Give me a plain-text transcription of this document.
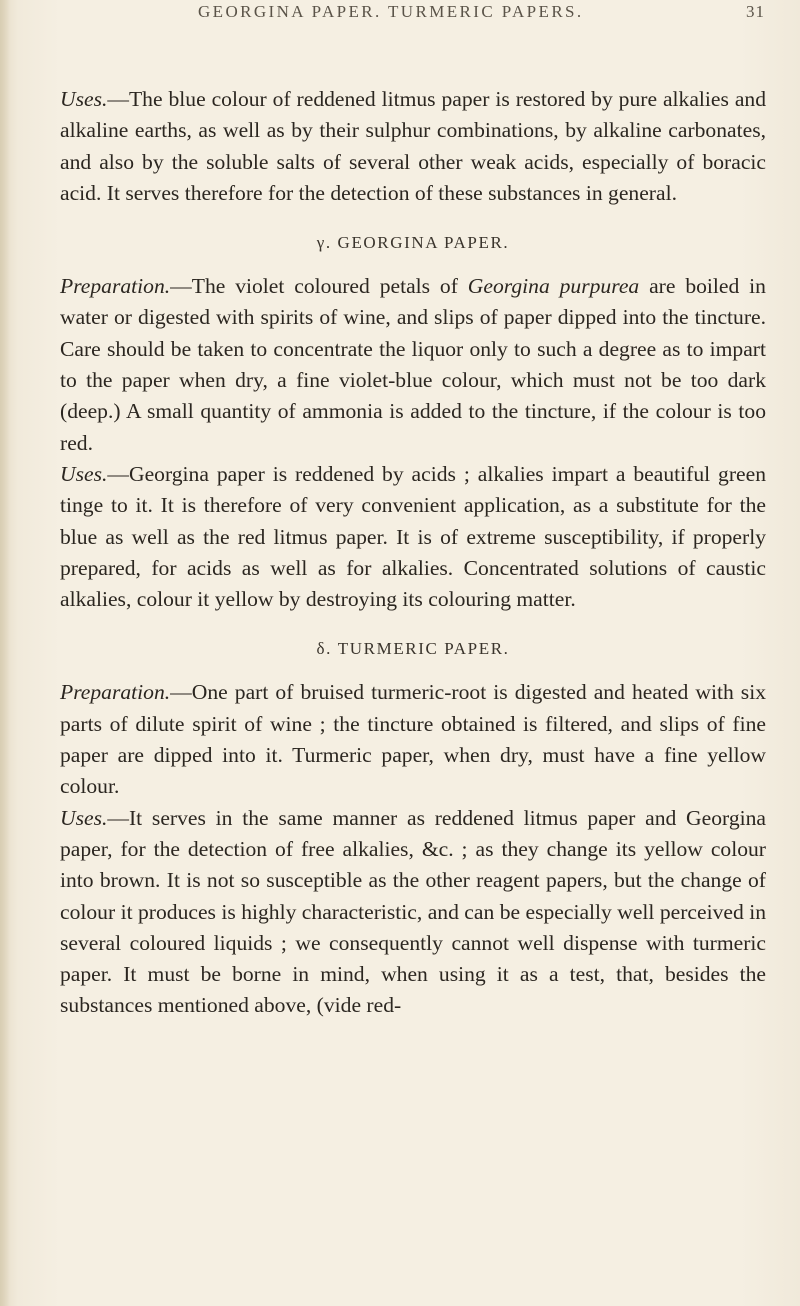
GEORGINA PAPER. TURMERIC PAPERS.	31

Uses.—The blue colour of reddened litmus paper is restored by pure alkalies and alkaline earths, as well as by their sulphur combinations, by alkaline carbonates, and also by the soluble salts of several other weak acids, especially of boracic acid. It serves therefore for the detection of these substances in general.

γ. GEORGINA PAPER.

Preparation.—The violet coloured petals of Georgina purpurea are boiled in water or digested with spirits of wine, and slips of paper dipped into the tincture. Care should be taken to concentrate the liquor only to such a degree as to impart to the paper when dry, a fine violet-blue colour, which must not be too dark (deep.) A small quantity of ammonia is added to the tincture, if the colour is too red.

Uses.—Georgina paper is reddened by acids ; alkalies impart a beautiful green tinge to it. It is therefore of very convenient application, as a substitute for the blue as well as the red litmus paper. It is of extreme susceptibility, if properly prepared, for acids as well as for alkalies. Concentrated solutions of caustic alkalies, colour it yellow by destroying its colouring matter.

δ. TURMERIC PAPER.

Preparation.—One part of bruised turmeric-root is digested and heated with six parts of dilute spirit of wine ; the tincture obtained is filtered, and slips of fine paper are dipped into it. Turmeric paper, when dry, must have a fine yellow colour.

Uses.—It serves in the same manner as reddened litmus paper and Georgina paper, for the detection of free alkalies, &c. ; as they change its yellow colour into brown. It is not so susceptible as the other reagent papers, but the change of colour it produces is highly characteristic, and can be especially well perceived in several coloured liquids ; we consequently cannot well dispense with turmeric paper. It must be borne in mind, when using it as a test, that, besides the substances mentioned above, (vide red-
